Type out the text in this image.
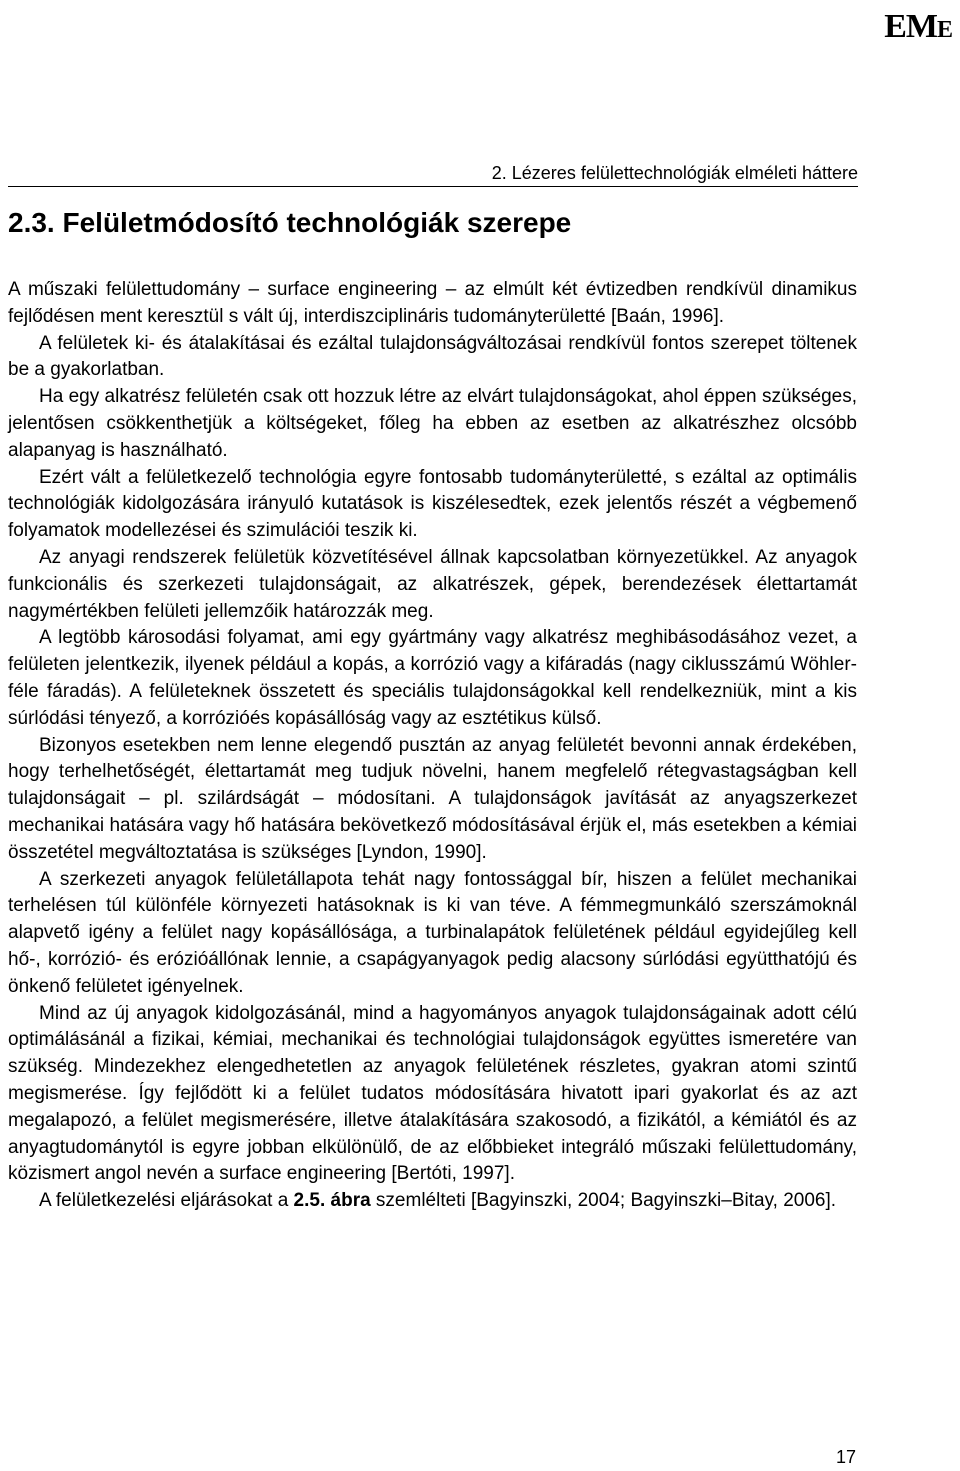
EME
2. Lézeres felülettechnológiák elméleti háttere
2.3. Felületmódosító technológiák szerepe

A műszaki felülettudomány – surface engineering – az elmúlt két évtizedben rendkívül dinamikus fejlődésen ment keresztül s vált új, interdiszciplináris tudományterületté [Baán, 1996].

A felületek ki- és átalakításai és ezáltal tulajdonságváltozásai rendkívül fontos szerepet töltenek be a gyakorlatban.

Ha egy alkatrész felületén csak ott hozzuk létre az elvárt tulajdonságokat, ahol éppen szükséges, jelentősen csökkenthetjük a költségeket, főleg ha ebben az esetben az alkatrészhez olcsóbb alapanyag is használható.

Ezért vált a felületkezelő technológia egyre fontosabb tudományterületté, s ezáltal az optimális technológiák kidolgozására irányuló kutatások is kiszélesedtek, ezek jelentős részét a végbemenő folyamatok modellezései és szimulációi teszik ki.

Az anyagi rendszerek felületük közvetítésével állnak kapcsolatban környezetükkel. Az anyagok funkcionális és szerkezeti tulajdonságait, az alkatrészek, gépek, berendezések élettartamát nagymértékben felületi jellemzőik határozzák meg.

A legtöbb károsodási folyamat, ami egy gyártmány vagy alkatrész meghibásodásához vezet, a felületen jelentkezik, ilyenek például a kopás, a korrózió vagy a kifáradás (nagy ciklusszámú Wöhler-féle fáradás). A felületeknek összetett és speciális tulajdonságokkal kell rendelkezniük, mint a kis súrlódási tényező, a korrózióés kopásállóság vagy az esztétikus külső.

Bizonyos esetekben nem lenne elegendő pusztán az anyag felületét bevonni annak érdekében, hogy terhelhetőségét, élettartamát meg tudjuk növelni, hanem megfelelő rétegvastagságban kell tulajdonságait – pl. szilárdságát – módosítani. A tulajdonságok javítását az anyagszerkezet mechanikai hatására vagy hő hatására bekövetkező módosításával érjük el, más esetekben a kémiai összetétel megváltoztatása is szükséges [Lyndon, 1990].

A szerkezeti anyagok felületállapota tehát nagy fontossággal bír, hiszen a felület mechanikai terhelésen túl különféle környezeti hatásoknak is ki van téve. A fémmegmunkáló szerszámoknál alapvető igény a felület nagy kopásállósága, a turbinalapátok felületének például egyidejűleg kell hő-, korrózió- és erózióállónak lennie, a csapágyanyagok pedig alacsony súrlódási együtthatójú és önkenő felületet igényelnek.

Mind az új anyagok kidolgozásánál, mind a hagyományos anyagok tulajdonságainak adott célú optimálásánál a fizikai, kémiai, mechanikai és technológiai tulajdonságok együttes ismeretére van szükség. Mindezekhez elengedhetetlen az anyagok felületének részletes, gyakran atomi szintű megismerése. Így fejlődött ki a felület tudatos módosítására hivatott ipari gyakorlat és az azt megalapozó, a felület megismerésére, illetve átalakítására szakosodó, a fizikától, a kémiától és az anyagtudománytól is egyre jobban elkülönülő, de az előbbieket integráló műszaki felülettudomány, közismert angol nevén a surface engineering [Bertóti, 1997].

A felületkezelési eljárásokat a 2.5. ábra szemlélteti [Bagyinszki, 2004; Bagyinszki–Bitay, 2006].

17
